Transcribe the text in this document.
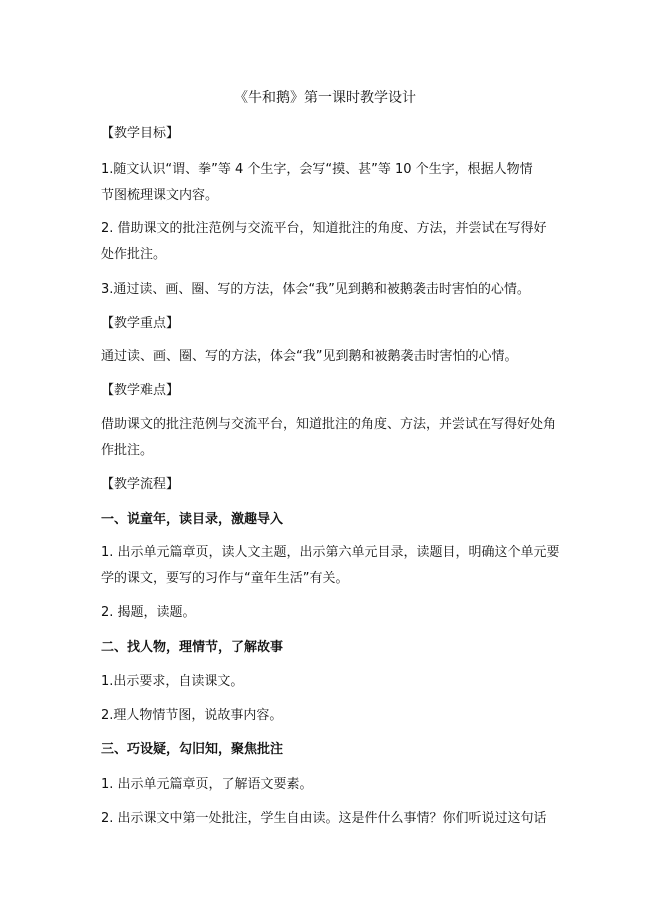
《牛和鹅》第一课时教学设计
【教学目标】
1.随文认识“谓、拳”等 4 个生字，会写“摸、甚”等 10 个生字，根据人物情
节图梳理课文内容。
2. 借助课文的批注范例与交流平台，知道批注的角度、方法，并尝试在写得好
处作批注。
3.通过读、画、圈、写的方法，体会“我”见到鹅和被鹅袭击时害怕的心情。
【教学重点】
通过读、画、圈、写的方法，体会“我”见到鹅和被鹅袭击时害怕的心情。
【教学难点】
借助课文的批注范例与交流平台，知道批注的角度、方法，并尝试在写得好处角
作批注。
【教学流程】
一、说童年，读目录，激趣导入
1. 出示单元篇章页，读人文主题，出示第六单元目录，读题目，明确这个单元要
学的课文，要写的习作与“童年生活”有关。
2. 揭题，读题。
二、找人物，理情节，了解故事
1.出示要求，自读课文。
2.理人物情节图，说故事内容。
三、巧设疑，勾旧知，聚焦批注
1. 出示单元篇章页，了解语文要素。
2. 出示课文中第一处批注，学生自由读。这是件什么事情？你们听说过这句话
